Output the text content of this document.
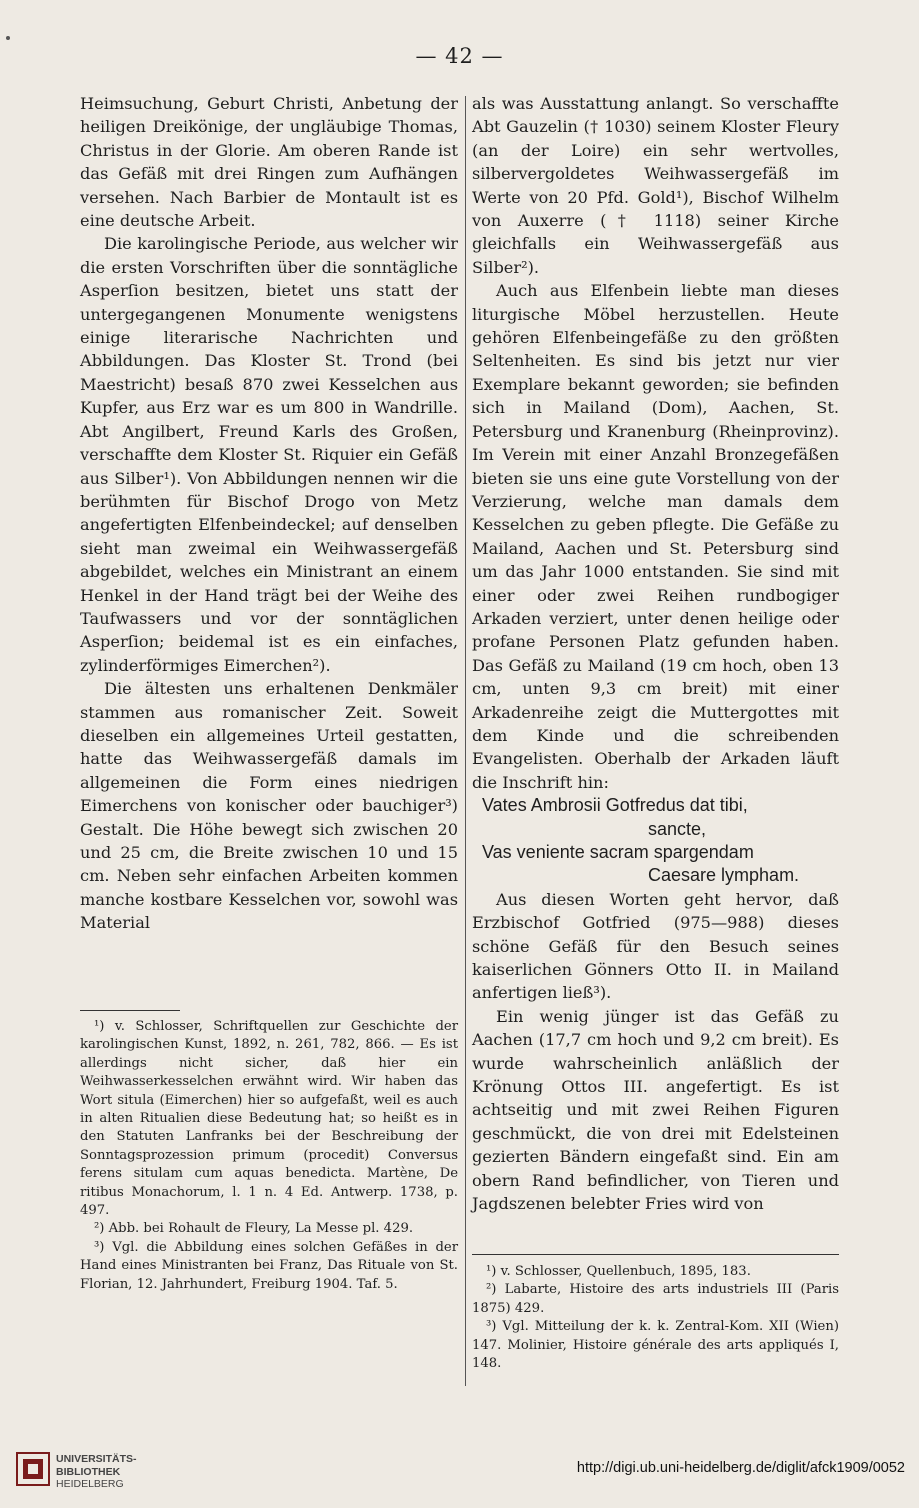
— 42 —

Heimsuchung, Geburt Christi, Anbetung der heiligen Dreikönige, der ungläubige Thomas, Christus in der Glorie. Am oberen Rande ist das Gefäß mit drei Ringen zum Aufhängen versehen. Nach Barbier de Montault ist es eine deutsche Arbeit.

Die karolingische Periode, aus welcher wir die ersten Vorschriften über die sonntägliche Asperſion besitzen, bietet uns statt der untergegangenen Monumente wenigstens einige literarische Nachrichten und Abbildungen. Das Kloster St. Trond (bei Maestricht) besaß 870 zwei Kesselchen aus Kupfer, aus Erz war es um 800 in Wandrille. Abt Angilbert, Freund Karls des Großen, verschaffte dem Kloster St. Riquier ein Gefäß aus Silber¹). Von Abbildungen nennen wir die berühmten für Bischof Drogo von Metz angefertigten Elfenbeindeckel; auf denselben sieht man zweimal ein Weihwassergefäß abgebildet, welches ein Ministrant an einem Henkel in der Hand trägt bei der Weihe des Taufwassers und vor der sonntäglichen Asperſion; beidemal ist es ein einfaches, zylinderförmiges Eimerchen²).

Die ältesten uns erhaltenen Denkmäler stammen aus romanischer Zeit. Soweit dieselben ein allgemeines Urteil gestatten, hatte das Weihwassergefäß damals im allgemeinen die Form eines niedrigen Eimerchens von konischer oder bauchiger³) Gestalt. Die Höhe bewegt sich zwischen 20 und 25 cm, die Breite zwischen 10 und 15 cm. Neben sehr einfachen Arbeiten kommen manche kostbare Kesselchen vor, sowohl was Material

¹) v. Schlosser, Schriftquellen zur Geschichte der karolingischen Kunst, 1892, n. 261, 782, 866. — Es ist allerdings nicht sicher, daß hier ein Weihwasserkesselchen erwähnt wird. Wir haben das Wort situla (Eimerchen) hier so aufgefaßt, weil es auch in alten Ritualien diese Bedeutung hat; so heißt es in den Statuten Lanfranks bei der Beschreibung der Sonntagsprozession primum (procedit) Conversus ferens situlam cum aquas benedicta. Martène, De ritibus Monachorum, l. 1 n. 4 Ed. Antwerp. 1738, p. 497.

²) Abb. bei Rohault de Fleury, La Messe pl. 429.

³) Vgl. die Abbildung eines solchen Gefäßes in der Hand eines Ministranten bei Franz, Das Rituale von St. Florian, 12. Jahrhundert, Freiburg 1904. Taf. 5.

als was Ausstattung anlangt. So verschaffte Abt Gauzelin († 1030) seinem Kloster Fleury (an der Loire) ein sehr wertvolles, silbervergoldetes Weihwassergefäß im Werte von 20 Pfd. Gold¹), Bischof Wilhelm von Auxerre († 1118) seiner Kirche gleichfalls ein Weihwassergefäß aus Silber²).

Auch aus Elfenbein liebte man dieses liturgische Möbel herzustellen. Heute gehören Elfenbeingefäße zu den größten Seltenheiten. Es sind bis jetzt nur vier Exemplare bekannt geworden; sie befinden sich in Mailand (Dom), Aachen, St. Petersburg und Kranenburg (Rheinprovinz). Im Verein mit einer Anzahl Bronzegefäßen bieten sie uns eine gute Vorstellung von der Verzierung, welche man damals dem Kesselchen zu geben pflegte. Die Gefäße zu Mailand, Aachen und St. Petersburg sind um das Jahr 1000 entstanden. Sie sind mit einer oder zwei Reihen rundbogiger Arkaden verziert, unter denen heilige oder profane Personen Platz gefunden haben. Das Gefäß zu Mailand (19 cm hoch, oben 13 cm, unten 9,3 cm breit) mit einer Arkadenreihe zeigt die Muttergottes mit dem Kinde und die schreibenden Evangelisten. Oberhalb der Arkaden läuft die Inschrift hin:

Vates Ambrosii Gotfredus dat tibi,
sancte,
Vas veniente sacram spargendam
Caesare lympham.

Aus diesen Worten geht hervor, daß Erzbischof Gotfried (975—988) dieses schöne Gefäß für den Besuch seines kaiserlichen Gönners Otto II. in Mailand anfertigen ließ³).

Ein wenig jünger ist das Gefäß zu Aachen (17,7 cm hoch und 9,2 cm breit). Es wurde wahrscheinlich anläßlich der Krönung Ottos III. angefertigt. Es ist achtseitig und mit zwei Reihen Figuren geschmückt, die von drei mit Edelsteinen gezierten Bändern eingefaßt sind. Ein am obern Rand befindlicher, von Tieren und Jagdszenen belebter Fries wird von

¹) v. Schlosser, Quellenbuch, 1895, 183.

²) Labarte, Histoire des arts industriels III (Paris 1875) 429.

³) Vgl. Mitteilung der k. k. Zentral-Kom. XII (Wien) 147. Molinier, Histoire générale des arts appliqués I, 148.

UNIVERSITÄTS-
BIBLIOTHEK
HEIDELBERG
http://digi.ub.uni-heidelberg.de/diglit/afck1909/0052
